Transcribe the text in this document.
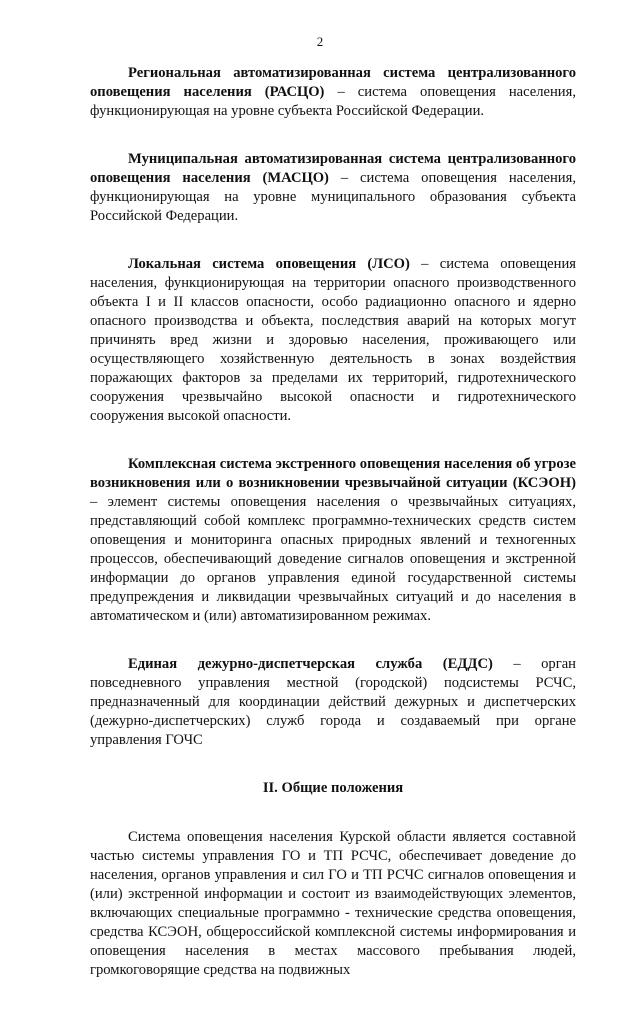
2

Региональная автоматизированная система централизованного оповещения населения (РАСЦО) – система оповещения населения, функционирующая на уровне субъекта Российской Федерации.

Муниципальная автоматизированная система централизованного оповещения населения (МАСЦО) – система оповещения населения, функционирующая на уровне муниципального образования субъекта Российской Федерации.

Локальная система оповещения (ЛСО) – система оповещения населения, функционирующая на территории опасного производственного объекта I и II классов опасности, особо радиационно опасного и ядерно опасного производства и объекта, последствия аварий на которых могут причинять вред жизни и здоровью населения, проживающего или осуществляющего хозяйственную деятельность в зонах воздействия поражающих факторов за пределами их территорий, гидротехнического сооружения чрезвычайно высокой опасности и гидротехнического сооружения высокой опасности.

Комплексная система экстренного оповещения населения об угрозе возникновения или о возникновении чрезвычайной ситуации (КСЭОН) – элемент системы оповещения населения о чрезвычайных ситуациях, представляющий собой комплекс программно-технических средств систем оповещения и мониторинга опасных природных явлений и техногенных процессов, обеспечивающий доведение сигналов оповещения и экстренной информации до органов управления единой государственной системы предупреждения и ликвидации чрезвычайных ситуаций и до населения в автоматическом и (или) автоматизированном режимах.

Единая дежурно-диспетчерская служба (ЕДДС) – орган повседневного управления местной (городской) подсистемы РСЧС, предназначенный для координации действий дежурных и диспетчерских (дежурно-диспетчерских) служб города и создаваемый при органе управления ГОЧС

II. Общие положения

Система оповещения населения Курской области является составной частью системы управления ГО и ТП РСЧС, обеспечивает доведение до населения, органов управления и сил ГО и ТП РСЧС сигналов оповещения и (или) экстренной информации и состоит из взаимодействующих элементов, включающих специальные программно - технические средства оповещения, средства КСЭОН, общероссийской комплексной системы информирования и оповещения населения в местах массового пребывания людей, громкоговорящие средства на подвижных
